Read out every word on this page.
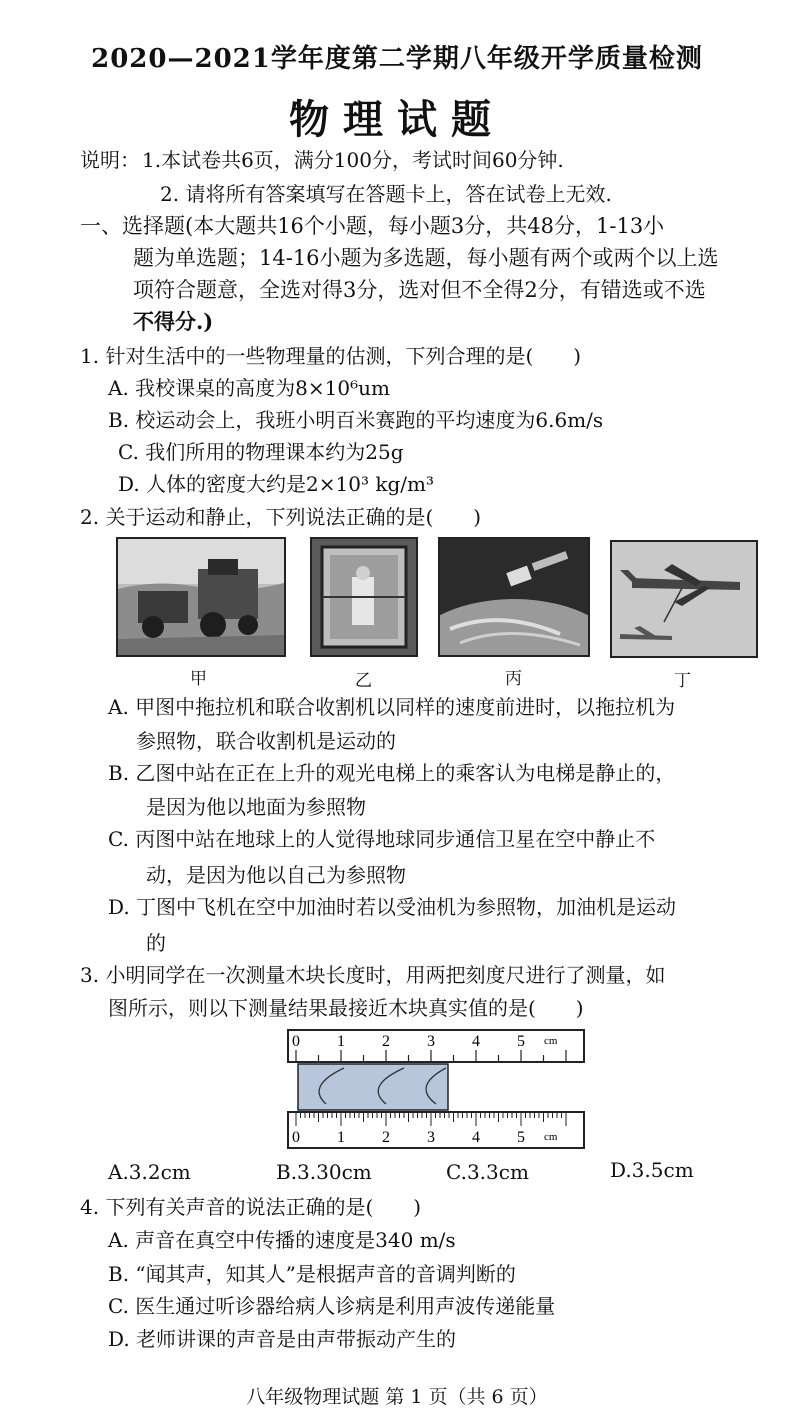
2020—2021学年度第二学期八年级开学质量检测
物理试题
说明： 1.本试卷共6页，满分100分，考试时间60分钟.
2. 请将所有答案填写在答题卡上，答在试卷上无效.
一、选择题(本大题共16个小题，每小题3分，共48分，1-13小
题为单选题；14-16小题为多选题，每小题有两个或两个以上选
项符合题意，全选对得3分，选对但不全得2分，有错选或不选
不得分.)
1. 针对生活中的一些物理量的估测，下列合理的是(　　)
A. 我校课桌的高度为8×10⁶um
B. 校运动会上，我班小明百米赛跑的平均速度为6.6m/s
C. 我们所用的物理课本约为25g
D. 人体的密度大约是2×10³ kg/m³
2. 关于运动和静止，下列说法正确的是(　　)
甲	乙	丙	丁
A. 甲图中拖拉机和联合收割机以同样的速度前进时，以拖拉机为
参照物，联合收割机是运动的
B. 乙图中站在正在上升的观光电梯上的乘客认为电梯是静止的，
是因为他以地面为参照物
C. 丙图中站在地球上的人觉得地球同步通信卫星在空中静止不
动，是因为他以自己为参照物
D. 丁图中飞机在空中加油时若以受油机为参照物，加油机是运动
的
3. 小明同学在一次测量木块长度时，用两把刻度尺进行了测量，如
图所示，则以下测量结果最接近木块真实值的是(　　)
0 1 2 3 4 5 cm
0 1 2 3 4 5 cm
A.3.2cm	B.3.30cm	C.3.3cm	D.3.5cm
4. 下列有关声音的说法正确的是(　　)
A. 声音在真空中传播的速度是340 m/s
B. “闻其声，知其人”是根据声音的音调判断的
C. 医生通过听诊器给病人诊病是利用声波传递能量
D. 老师讲课的声音是由声带振动产生的
八年级物理试题 第 1 页（共 6 页）
